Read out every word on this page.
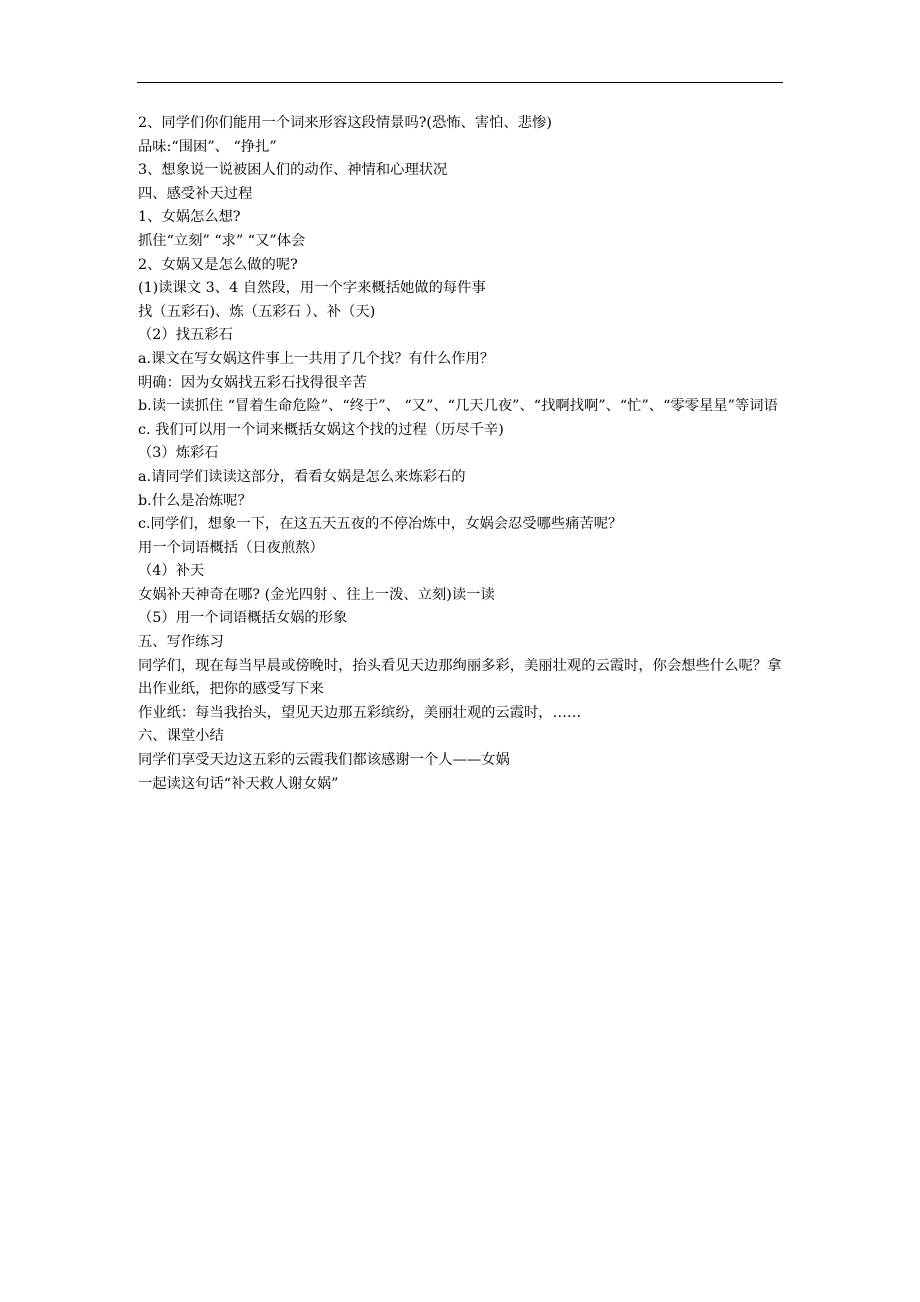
2、同学们你们能用一个词来形容这段情景吗?(恐怖、害怕、悲惨)
品味:“围困”、 “挣扎”
3、想象说一说被困人们的动作、神情和心理状况
四、感受补天过程
1、女娲怎么想?
抓住“立刻” “求” “又”体会
2、女娲又是怎么做的呢?
(1)读课文 3、4 自然段，用一个字来概括她做的每件事
找（五彩石)、炼（五彩石 ）、补（天)
（2）找五彩石
a.课文在写女娲这件事上一共用了几个找？有什么作用？
明确：因为女娲找五彩石找得很辛苦
b.读一读抓住 “冒着生命危险”、“终于”、 “又”、“几天几夜”、“找啊找啊”、“忙”、“零零星星”等词语
c. 我们可以用一个词来概括女娲这个找的过程（历尽千辛)
（3）炼彩石
a.请同学们读读这部分，看看女娲是怎么来炼彩石的
b.什么是冶炼呢？
c.同学们，想象一下，在这五天五夜的不停冶炼中，女娲会忍受哪些痛苦呢？
用一个词语概括（日夜煎熬）
（4）补天
女娲补天神奇在哪? (金光四射 、往上一泼、立刻)读一读
（5）用一个词语概括女娲的形象
五、写作练习
同学们，现在每当早晨或傍晚时，抬头看见天边那绚丽多彩，美丽壮观的云霞时，你会想些什么呢？拿出作业纸，把你的感受写下来
作业纸：每当我抬头，望见天边那五彩缤纷，美丽壮观的云霞时，……
六、课堂小结
同学们享受天边这五彩的云霞我们都该感谢一个人——女娲
一起读这句话“补天救人谢女娲”
